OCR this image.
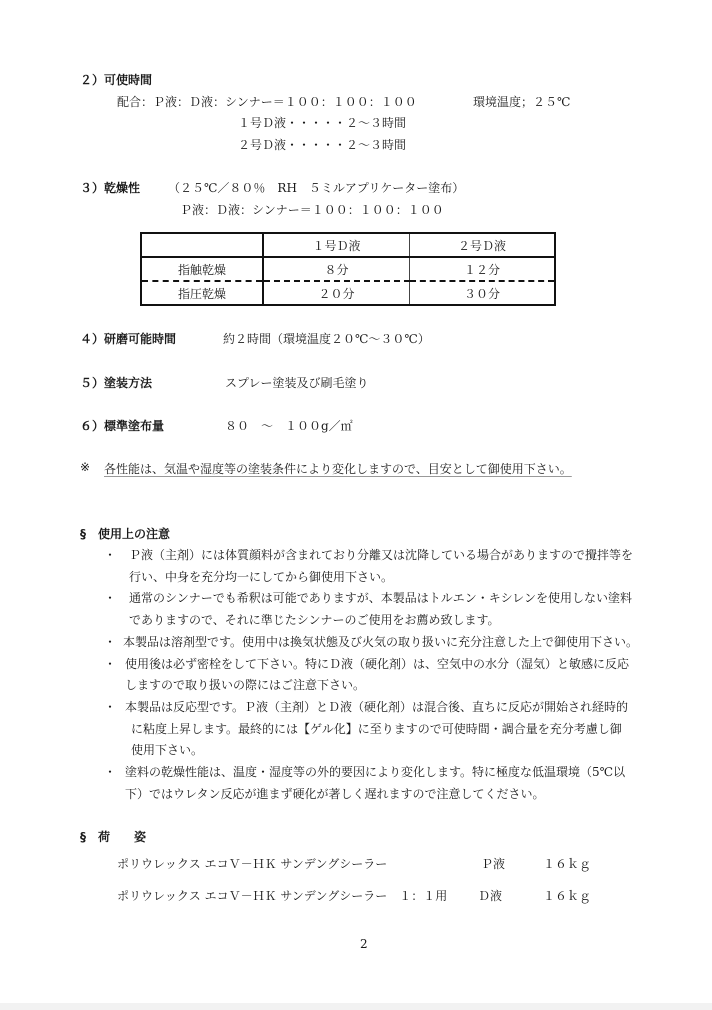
２）可使時間
配合：Ｐ液：Ｄ液：シンナー＝１００：１００：１００	環境温度；２５℃
１号Ｄ液・・・・・２～３時間
２号Ｄ液・・・・・２～３時間
３）乾燥性 （２５℃／８０％　RH　５ミルアプリケーター塗布）
Ｐ液：Ｄ液：シンナー＝１００：１００：１００
	１号Ｄ液	２号Ｄ液
指触乾燥	８分	１２分
指圧乾燥	２０分	３０分
４）研磨可能時間	約２時間（環境温度２０℃～３０℃）
５）塗装方法	スプレー塗装及び刷毛塗り
６）標準塗布量	８０　～　１００g／㎡
※ 各性能は、気温や湿度等の塗装条件により変化しますので、目安として御使用下さい。
§　使用上の注意
・ Ｐ液（主剤）には体質顔料が含まれており分離又は沈降している場合がありますので攪拌等を
行い、中身を充分均一にしてから御使用下さい。
・ 通常のシンナーでも希釈は可能でありますが、本製品はトルエン・キシレンを使用しない塗料
でありますので、それに準じたシンナーのご使用をお薦め致します。
・ 本製品は溶剤型です。使用中は換気状態及び火気の取り扱いに充分注意した上で御使用下さい。
・ 使用後は必ず密栓をして下さい。特にＤ液（硬化剤）は、空気中の水分（湿気）と敏感に反応
しますので取り扱いの際にはご注意下さい。
・ 本製品は反応型です。Ｐ液（主剤）とＤ液（硬化剤）は混合後、直ちに反応が開始され経時的
に粘度上昇します。最終的には【ゲル化】に至りますので可使時間・調合量を充分考慮し御
使用下さい。
・ 塗料の乾燥性能は、温度・湿度等の外的要因により変化します。特に極度な低温環境（5℃以
下）ではウレタン反応が進まず硬化が著しく遅れますので注意してください。
§　荷　　姿
ポリウレックス エコＶ－ＨＫ サンデングシーラー	Ｐ液	１６ｋｇ
ポリウレックス エコＶ－ＨＫ サンデングシーラー　１：１用	Ｄ液	１６ｋｇ
2
